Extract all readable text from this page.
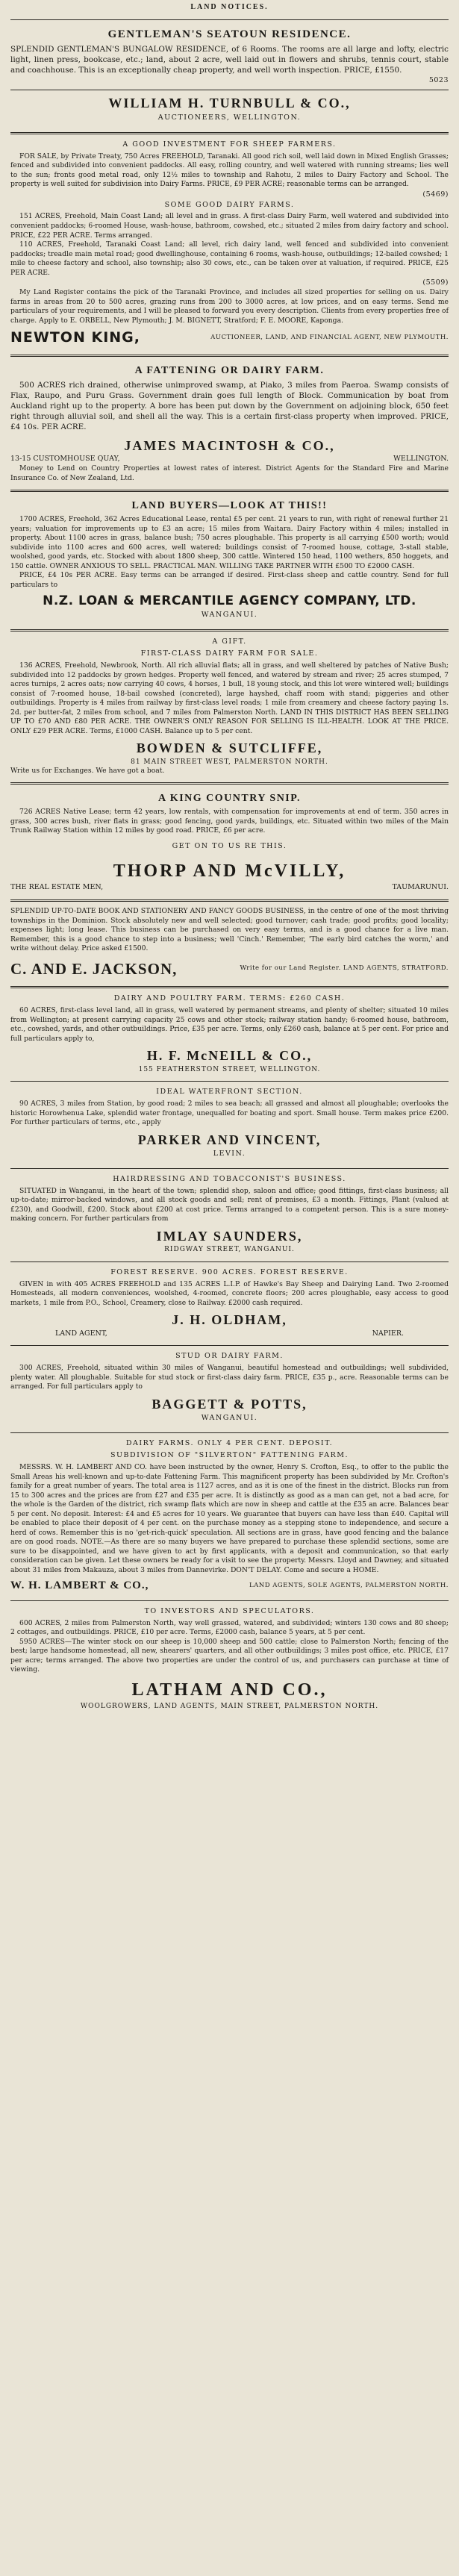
LAND NOTICES.
GENTLEMAN'S SEATOUN RESIDENCE.
SPLENDID GENTLEMAN'S BUNGALOW RESIDENCE, of 6 Rooms. The rooms are all large and lofty, electric light, linen press, bookcase, etc.; land, about 2 acre, well laid out in flowers and shrubs, tennis court, stable and coachhouse. This is an exceptionally cheap property, and well worth inspection. PRICE, £1550.
5023
WILLIAM H. TURNBULL & CO.,
AUCTIONEERS, WELLINGTON.
A GOOD INVESTMENT FOR SHEEP FARMERS.
FOR SALE, by Private Treaty, 750 Acres FREEHOLD, Taranaki. All good rich soil, well laid down in Mixed English Grasses; fenced and subdivided into convenient paddocks. All easy, rolling country, and well watered with running streams; lies well to the sun; fronts good metal road, only 12½ miles to township and Rahotu, 2 miles to Dairy Factory and School. The property is well suited for subdivision into Dairy Farms. PRICE, £9 PER ACRE; reasonable terms can be arranged.
(5469)
SOME GOOD DAIRY FARMS.
151 ACRES, Freehold, Main Coast Land; all level and in grass. A first-class Dairy Farm, well watered and subdivided into convenient paddocks; 6-roomed House, wash-house, bathroom, cowshed, etc.; situated 2 miles from dairy factory and school. PRICE, £22 PER ACRE. Terms arranged.
110 ACRES, Freehold, Taranaki Coast Land; all level, rich dairy land, well fenced and subdivided into convenient paddocks; treadle main metal road; good dwellinghouse, containing 6 rooms, wash-house, outbuildings; 12-bailed cowshed; 1 mile to cheese factory and school, also township; also 30 cows, etc., can be taken over at valuation, if required. PRICE, £25 PER ACRE.
(5509)
My Land Register contains the pick of the Taranaki Province, and includes all sized properties for selling on us. Dairy farms in areas from 20 to 500 acres, grazing runs from 200 to 3000 acres, at low prices, and on easy terms. Send me particulars of your requirements, and I will be pleased to forward you every description. Clients from every properties free of charge. Apply to E. ORBELL, New Plymouth; J. M. BIGNETT, Stratford; F. E. MOORE, Kaponga.
NEWTON KING,	AUCTIONEER, LAND, AND FINANCIAL AGENT, NEW PLYMOUTH.
A FATTENING OR DAIRY FARM.
500 ACRES rich drained, otherwise unimproved swamp, at Piako, 3 miles from Paeroa. Swamp consists of Flax, Raupo, and Puru Grass. Government drain goes full length of Block. Communication by boat from Auckland right up to the property. A bore has been put down by the Government on adjoining block, 650 feet right through alluvial soil, and shell all the way. This is a certain first-class property when improved. PRICE, £4 10s. PER ACRE.
JAMES MACINTOSH & CO.,
13-15 CUSTOMHOUSE QUAY,	WELLINGTON.
Money to Lend on Country Properties at lowest rates of interest. District Agents for the Standard Fire and Marine Insurance Co. of New Zealand, Ltd.
LAND BUYERS—LOOK AT THIS!!
1700 ACRES, Freehold, 362 Acres Educational Lease, rental £5 per cent. 21 years to run, with right of renewal further 21 years; valuation for improvements up to £3 an acre; 15 miles from Waitara. Dairy Factory within 4 miles; installed in property. About 1100 acres in grass, balance bush; 750 acres ploughable. This property is all carrying £500 worth; would subdivide into 1100 acres and 600 acres, well watered; buildings consist of 7-roomed house, cottage, 3-stall stable, woolshed, good yards, etc. Stocked with about 1800 sheep, 300 cattle. Wintered 150 head, 1100 wethers, 850 hoggets, and 150 cattle. OWNER ANXIOUS TO SELL. PRACTICAL MAN. WILLING TAKE PARTNER WITH £500 TO £2000 CASH.
PRICE, £4 10s PER ACRE. Easy terms can be arranged if desired. First-class sheep and cattle country. Send for full particulars to
N.Z. LOAN & MERCANTILE AGENCY COMPANY, LTD.
WANGANUI.
A GIFT.
FIRST-CLASS DAIRY FARM FOR SALE.
136 ACRES, Freehold, Newbrook, North. All rich alluvial flats; all in grass, and well sheltered by patches of Native Bush; subdivided into 12 paddocks by grown hedges. Property well fenced, and watered by stream and river; 25 acres stumped, 7 acres turnips, 2 acres oats; now carrying 40 cows, 4 horses, 1 bull, 18 young stock, and this lot were wintered well; buildings consist of 7-roomed house, 18-bail cowshed (concreted), large hayshed, chaff room with stand; piggeries and other outbuildings. Property is 4 miles from railway by first-class level roads; 1 mile from creamery and cheese factory paying 1s. 2d. per butter-fat, 2 miles from school, and 7 miles from Palmerston North. LAND IN THIS DISTRICT HAS BEEN SELLING UP TO £70 AND £80 PER ACRE. THE OWNER'S ONLY REASON FOR SELLING IS ILL-HEALTH. LOOK AT THE PRICE. ONLY £29 PER ACRE. Terms, £1000 CASH. Balance up to 5 per cent.
BOWDEN & SUTCLIFFE,
81 MAIN STREET WEST, PALMERSTON NORTH.
Write us for Exchanges. We have got a boat.
A KING COUNTRY SNIP.
726 ACRES Native Lease; term 42 years, low rentals, with compensation for improvements at end of term. 350 acres in grass, 300 acres bush, river flats in grass; good fencing, good yards, buildings, etc. Situated within two miles of the Main Trunk Railway Station within 12 miles by good road. PRICE, £6 per acre.
GET ON TO US RE THIS.
THORP AND McVILLY,
THE REAL ESTATE MEN,	TAUMARUNUI.
SPLENDID UP-TO-DATE BOOK AND STATIONERY AND FANCY GOODS BUSINESS, in the centre of one of the most thriving townships in the Dominion. Stock absolutely new and well selected; good turnover; cash trade; good profits; good locality; expenses light; long lease. This business can be purchased on very easy terms, and is a good chance for a live man. Remember, this is a good chance to step into a business; well 'Cinch.' Remember, 'The early bird catches the worm,' and write without delay. Price asked £1500.
C. AND E. JACKSON,	Write for our Land Register. LAND AGENTS, STRATFORD.
DAIRY AND POULTRY FARM. TERMS: £260 CASH.
60 ACRES, first-class level land, all in grass, well watered by permanent streams, and plenty of shelter; situated 10 miles from Wellington; at present carrying capacity 25 cows and other stock; railway station handy; 6-roomed house, bathroom, etc., cowshed, yards, and other outbuildings. Price, £35 per acre. Terms, only £260 cash, balance at 5 per cent. For price and full particulars apply to,
H. F. McNEILL & CO.,
155 FEATHERSTON STREET, WELLINGTON.
IDEAL WATERFRONT SECTION.
90 ACRES, 3 miles from Station, by good road; 2 miles to sea beach; all grassed and almost all ploughable; overlooks the historic Horowhenua Lake, splendid water frontage, unequalled for boating and sport. Small house. Term makes price £200. For further particulars of terms, etc., apply
PARKER AND VINCENT,
LEVIN.
HAIRDRESSING AND TOBACCONIST'S BUSINESS.
SITUATED in Wanganui, in the heart of the town; splendid shop, saloon and office; good fittings, first-class business; all up-to-date; mirror-backed windows, and all stock goods and sell; rent of premises, £3 a month. Fittings, Plant (valued at £230), and Goodwill, £200. Stock about £200 at cost price. Terms arranged to a competent person. This is a sure money-making concern. For further particulars from
IMLAY SAUNDERS,
RIDGWAY STREET, WANGANUI.
FOREST RESERVE. 900 ACRES. FOREST RESERVE.
GIVEN in with 405 ACRES FREEHOLD and 135 ACRES L.I.P. of Hawke's Bay Sheep and Dairying Land. Two 2-roomed Homesteads, all modern conveniences, woolshed, 4-roomed, concrete floors; 200 acres ploughable, easy access to good markets, 1 mile from P.O., School, Creamery, close to Railway. £2000 cash required.
J. H. OLDHAM,
LAND AGENT,	NAPIER.
STUD OR DAIRY FARM.
300 ACRES, Freehold, situated within 30 miles of Wanganui, beautiful homestead and outbuildings; well subdivided, plenty water. All ploughable. Suitable for stud stock or first-class dairy farm. PRICE, £35 p., acre. Reasonable terms can be arranged. For full particulars apply to
BAGGETT & POTTS,
WANGANUI.
DAIRY FARMS. ONLY 4 PER CENT. DEPOSIT.
SUBDIVISION OF "SILVERTON" FATTENING FARM.
MESSRS. W. H. LAMBERT AND CO. have been instructed by the owner, Henry S. Crofton, Esq., to offer to the public the Small Areas his well-known and up-to-date Fattening Farm. This magnificent property has been subdivided by Mr. Crofton's family for a great number of years. The total area is 1127 acres, and as it is one of the finest in the district. Blocks run from 15 to 300 acres and the prices are from £27 and £35 per acre. It is distinctly as good as a man can get, not a bad acre, for the whole is the Garden of the district, rich swamp flats which are now in sheep and cattle at the £35 an acre. Balances bear 5 per cent. No deposit. Interest: £4 and £5 acres for 10 years. We guarantee that buyers can have less than £40. Capital will be enabled to place their deposit of 4 per cent. on the purchase money as a stepping stone to independence, and secure a herd of cows. Remember this is no 'get-rich-quick' speculation. All sections are in grass, have good fencing and the balance are on good roads. NOTE.—As there are so many buyers we have prepared to purchase these splendid sections, some are sure to be disappointed, and we have given to act by first applicants, with a deposit and communication, so that early consideration can be given. Let these owners be ready for a visit to see the property. Messrs. Lloyd and Dawney, and situated about 31 miles from Makauza, about 3 miles from Dannevirke. DON'T DELAY. Come and secure a HOME.
W. H. LAMBERT & CO.,	LAND AGENTS, SOLE AGENTS, PALMERSTON NORTH.
TO INVESTORS AND SPECULATORS.
600 ACRES, 2 miles from Palmerston North, way well grassed, watered, and subdivided; winters 130 cows and 80 sheep; 2 cottages, and outbuildings. PRICE, £10 per acre. Terms, £2000 cash, balance 5 years, at 5 per cent.
5950 ACRES—The winter stock on our sheep is 10,000 sheep and 500 cattle; close to Palmerston North; fencing of the best; large handsome homestead, all new, shearers' quarters, and all other outbuildings; 3 miles post office, etc. PRICE, £17 per acre; terms arranged. The above two properties are under the control of us, and purchasers can purchase at time of viewing.
LATHAM AND CO.,
WOOLGROWERS, LAND AGENTS, MAIN STREET, PALMERSTON NORTH.
